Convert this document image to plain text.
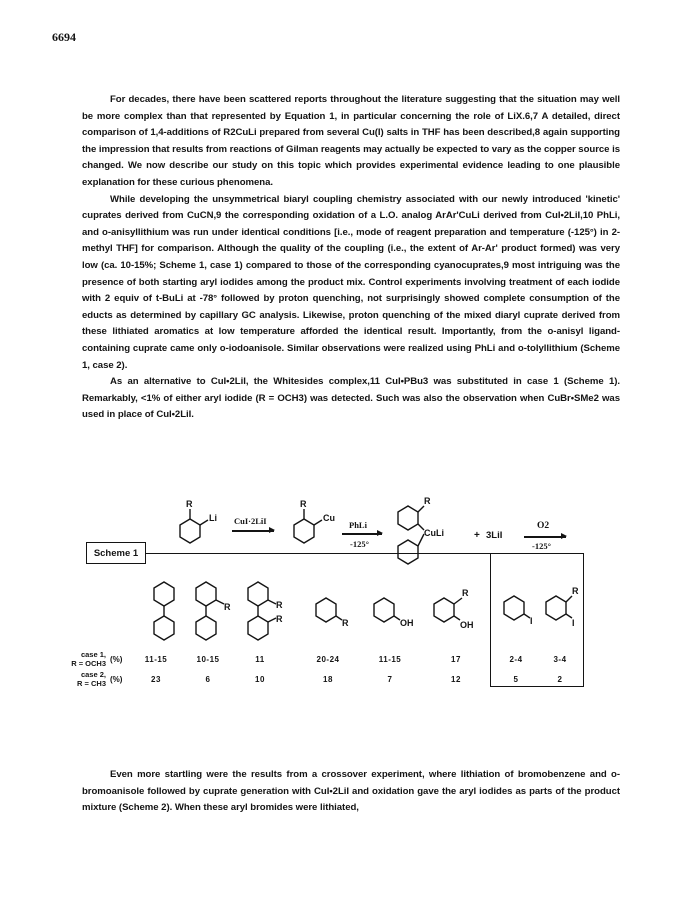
6694

For decades, there have been scattered reports throughout the literature suggesting that the situation may well be more complex than that represented by Equation 1, in particular concerning the role of LiX.6,7 A detailed, direct comparison of 1,4-additions of R2CuLi prepared from several Cu(I) salts in THF has been described,8 again supporting the impression that results from reactions of Gilman reagents may actually be expected to vary as the copper source is changed. We now describe our study on this topic which provides experimental evidence leading to one plausible explanation for these curious phenomena.

While developing the unsymmetrical biaryl coupling chemistry associated with our newly introduced 'kinetic' cuprates derived from CuCN,9 the corresponding oxidation of a L.O. analog ArAr'CuLi derived from CuI•2LiI,10 PhLi, and o-anisyllithium was run under identical conditions [i.e., mode of reagent preparation and temperature (-125°) in 2-methyl THF] for comparison. Although the quality of the coupling (i.e., the extent of Ar-Ar' product formed) was very low (ca. 10-15%; Scheme 1, case 1) compared to those of the corresponding cyanocuprates,9 most intriguing was the presence of both starting aryl iodides among the product mix. Control experiments involving treatment of each iodide with 2 equiv of t-BuLi at -78° followed by proton quenching, not surprisingly showed complete consumption of the educts as determined by capillary GC analysis. Likewise, proton quenching of the mixed diaryl cuprate derived from these lithiated aromatics at low temperature afforded the identical result. Importantly, from the o-anisyl ligand-containing cuprate came only o-iodoanisole. Similar observations were realized using PhLi and o-tolyllithium (Scheme 1, case 2).

As an alternative to CuI•2LiI, the Whitesides complex,11 CuI•PBu3 was substituted in case 1 (Scheme 1). Remarkably, <1% of either aryl iodide (R = OCH3) was detected. Such was also the observation when CuBr•SMe2 was used in place of CuI•2LiI.

Scheme 1
R
Li CuI·2LiI
R
Cu
PhLi
-125°
R
CuLi	+ 3LiI
O2
-125°
R	R
R	R	OH
R
OH	I
R
I
case 1,
R = OCH3 (%)	11-15	10-15	11	20-24	11-15	17	2-4	3-4
case 2,
R = CH3 (%)	23	6	10	18	7	12	5	2

Even more startling were the results from a crossover experiment, where lithiation of bromobenzene and o-bromoanisole followed by cuprate generation with CuI•2LiI and oxidation gave the aryl iodides as parts of the product mixture (Scheme 2). When these aryl bromides were lithiated,
